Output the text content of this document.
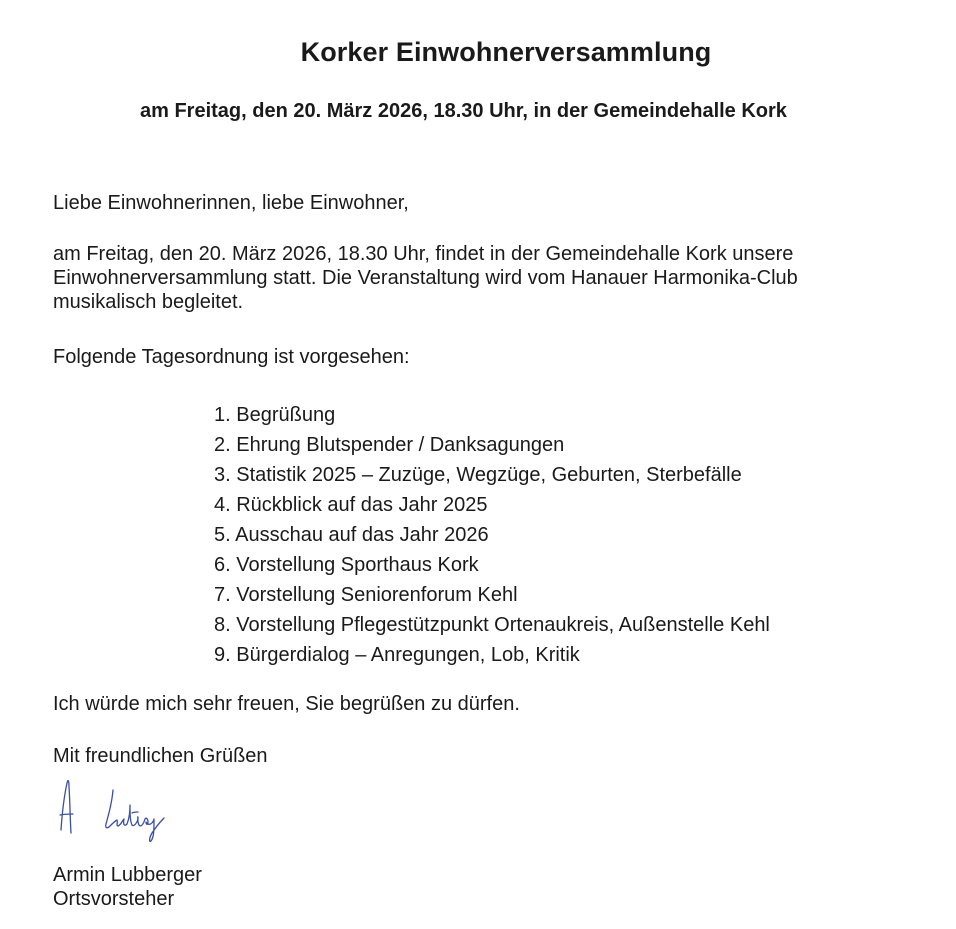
Korker Einwohnerversammlung
am Freitag, den 20. März 2026, 18.30 Uhr, in der Gemeindehalle Kork

Liebe Einwohnerinnen, liebe Einwohner,

am Freitag, den 20. März 2026, 18.30 Uhr, findet in der Gemeindehalle Kork unsere
Einwohnerversammlung statt. Die Veranstaltung wird vom Hanauer Harmonika-Club
musikalisch begleitet.

Folgende Tagesordnung ist vorgesehen:

1. Begrüßung
2. Ehrung Blutspender / Danksagungen
3. Statistik 2025 – Zuzüge, Wegzüge, Geburten, Sterbefälle
4. Rückblick auf das Jahr 2025
5. Ausschau auf das Jahr 2026
6. Vorstellung Sporthaus Kork
7. Vorstellung Seniorenforum Kehl
8. Vorstellung Pflegestützpunkt Ortenaukreis, Außenstelle Kehl
9. Bürgerdialog – Anregungen, Lob, Kritik

Ich würde mich sehr freuen, Sie begrüßen zu dürfen.

Mit freundlichen Grüßen

Armin Lubberger
Ortsvorsteher
